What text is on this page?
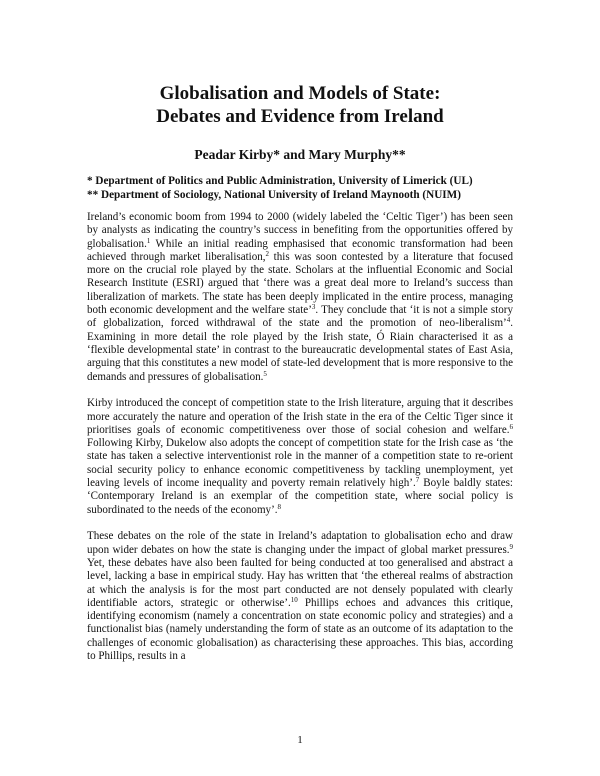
Globalisation and Models of State:
Debates and Evidence from Ireland
Peadar Kirby* and Mary Murphy**
* Department of Politics and Public Administration, University of Limerick (UL)
** Department of Sociology, National University of Ireland Maynooth (NUIM)

Ireland’s economic boom from 1994 to 2000 (widely labeled the ‘Celtic Tiger’) has been seen by analysts as indicating the country’s success in benefiting from the opportunities offered by globalisation.$^1$ While an initial reading emphasised that economic transformation had been achieved through market liberalisation,$^2$ this was soon contested by a literature that focused more on the crucial role played by the state. Scholars at the influential Economic and Social Research Institute (ESRI) argued that ‘there was a great deal more to Ireland’s success than liberalization of markets. The state has been deeply implicated in the entire process, managing both economic development and the welfare state’$^3$. They conclude that ‘it is not a simple story of globalization, forced withdrawal of the state and the promotion of neo-liberalism’$^4$. Examining in more detail the role played by the Irish state, Ó Riain characterised it as a ‘flexible developmental state’ in contrast to the bureaucratic developmental states of East Asia, arguing that this constitutes a new model of state-led development that is more responsive to the demands and pressures of globalisation.$^5$

Kirby introduced the concept of competition state to the Irish literature, arguing that it describes more accurately the nature and operation of the Irish state in the era of the Celtic Tiger since it prioritises goals of economic competitiveness over those of social cohesion and welfare.$^6$ Following Kirby, Dukelow also adopts the concept of competition state for the Irish case as ‘the state has taken a selective interventionist role in the manner of a competition state to re-orient social security policy to enhance economic competitiveness by tackling unemployment, yet leaving levels of income inequality and poverty remain relatively high’.$^7$ Boyle baldly states: ‘Contemporary Ireland is an exemplar of the competition state, where social policy is subordinated to the needs of the economy’.$^8$

These debates on the role of the state in Ireland’s adaptation to globalisation echo and draw upon wider debates on how the state is changing under the impact of global market pressures.$^9$ Yet, these debates have also been faulted for being conducted at too generalised and abstract a level, lacking a base in empirical study. Hay has written that ‘the ethereal realms of abstraction at which the analysis is for the most part conducted are not densely populated with clearly identifiable actors, strategic or otherwise’.$^{10}$ Phillips echoes and advances this critique, identifying economism (namely a concentration on state economic policy and strategies) and a functionalist bias (namely understanding the form of state as an outcome of its adaptation to the challenges of economic globalisation) as characterising these approaches. This bias, according to Phillips, results in a

1
